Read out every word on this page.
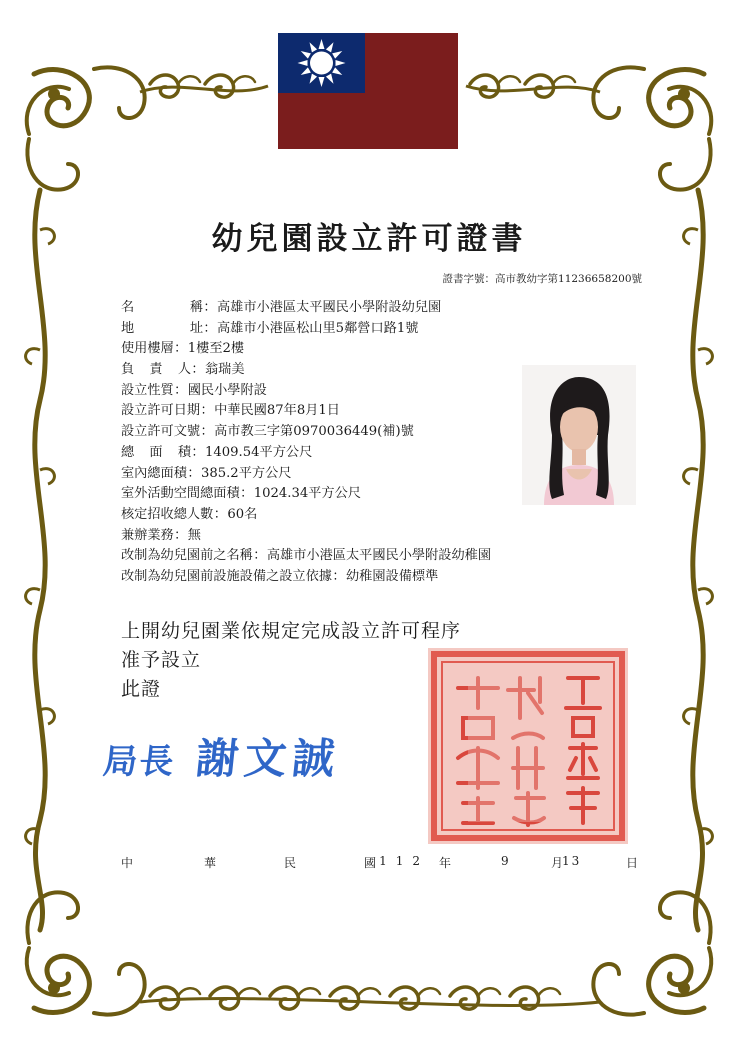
幼兒園設立許可證書
證書字號：高市教幼字第11236658200號
名	稱 ： 高雄市小港區太平國民小學附設幼兒園
地	址 ： 高雄市小港區松山里5鄰營口路1號
使用樓層 ： 1樓至2樓
負 責 人 ： 翁瑞美
設立性質 ： 國民小學附設
設立許可日期 ： 中華民國87年8月1日
設立許可文號 ： 高市教三字第0970036449(補)號
總 面 積 ： 1409.54平方公尺
室內總面積 ： 385.2平方公尺
室外活動空間總面積 ： 1024.34平方公尺
核定招收總人數 ： 60名
兼辦業務 ： 無
改制為幼兒園前之名稱 ： 高雄市小港區太平國民小學附設幼稚園
改制為幼兒園前設施設備之設立依據 ： 幼稚園設備標準
上開幼兒園業依規定完成設立許可程序
准予設立
此證
局長 謝文誠
中	華	民	國 112 年	9	月
13	日
